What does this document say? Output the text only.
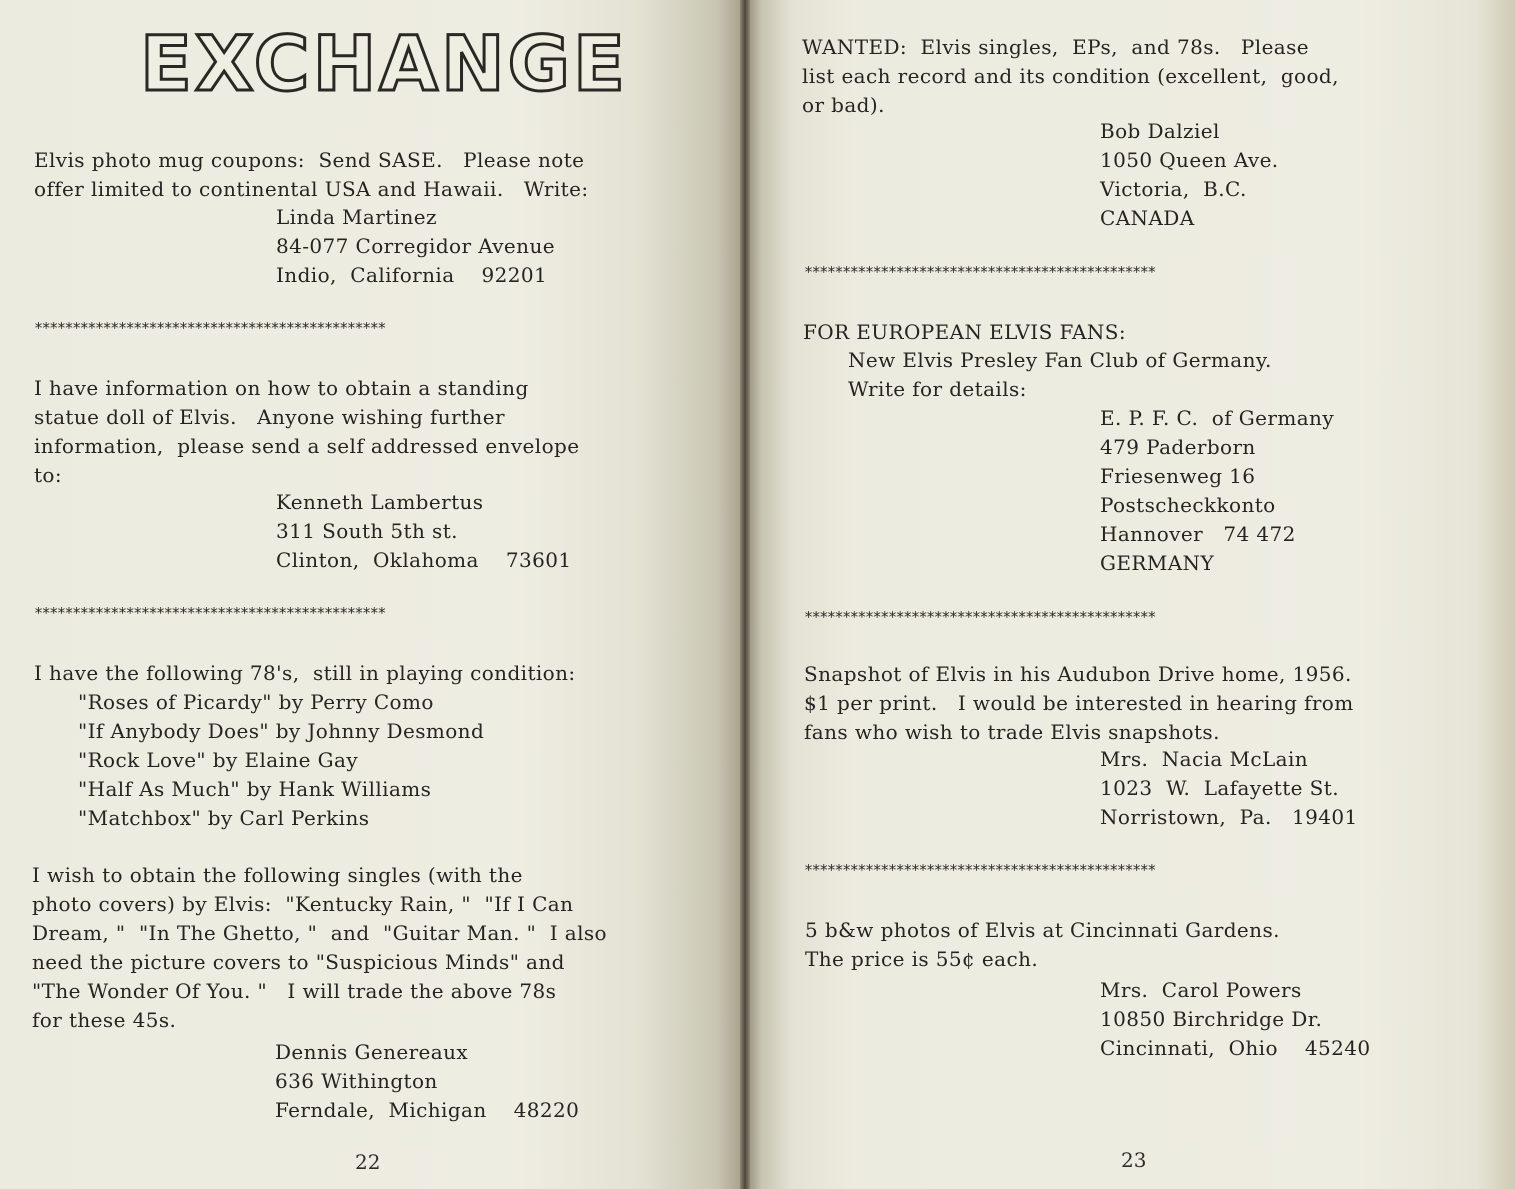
EXCHANGE
Elvis photo mug coupons:  Send SASE.   Please note
offer limited to continental USA and Hawaii.   Write:
Linda Martinez
84-077 Corregidor Avenue
Indio,  California    92201
**********************************************
I have information on how to obtain a standing
statue doll of Elvis.   Anyone wishing further
information,  please send a self addressed envelope
to:
Kenneth Lambertus
311 South 5th st.
Clinton,  Oklahoma    73601
**********************************************
I have the following 78's,  still in playing condition:
"Roses of Picardy" by Perry Como
"If Anybody Does" by Johnny Desmond
"Rock Love" by Elaine Gay
"Half As Much" by Hank Williams
"Matchbox" by Carl Perkins
I wish to obtain the following singles (with the
photo covers) by Elvis:  "Kentucky Rain, "  "If I Can
Dream, "  "In The Ghetto, "  and  "Guitar Man. "  I also
need the picture covers to "Suspicious Minds" and
"The Wonder Of You. "   I will trade the above 78s
for these 45s.
Dennis Genereaux
636 Withington
Ferndale,  Michigan    48220
22
WANTED:  Elvis singles,  EPs,  and 78s.   Please
list each record and its condition (excellent,  good,
or bad).
Bob Dalziel
1050 Queen Ave.
Victoria,  B.C.
CANADA
**********************************************
FOR EUROPEAN ELVIS FANS:
New Elvis Presley Fan Club of Germany.
Write for details:
E. P. F. C.  of Germany
479 Paderborn
Friesenweg 16
Postscheckkonto
Hannover   74 472
GERMANY
**********************************************
Snapshot of Elvis in his Audubon Drive home, 1956.
$1 per print.   I would be interested in hearing from
fans who wish to trade Elvis snapshots.
Mrs.  Nacia McLain
1023  W.  Lafayette St.
Norristown,  Pa.   19401
**********************************************
5 b&w photos of Elvis at Cincinnati Gardens.
The price is 55¢ each.
Mrs.  Carol Powers
10850 Birchridge Dr.
Cincinnati,  Ohio    45240
23
